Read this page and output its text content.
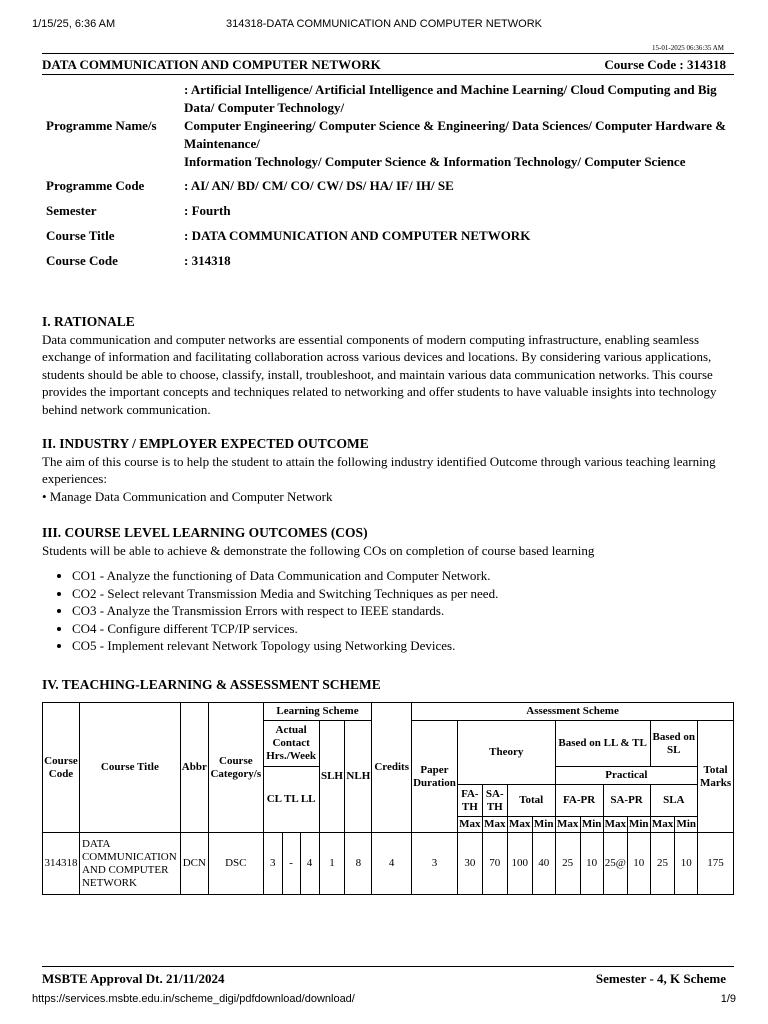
1/15/25, 6:36 AM	314318-DATA COMMUNICATION AND COMPUTER NETWORK
15-01-2025 06:36:35 AM
DATA COMMUNICATION AND COMPUTER NETWORK	Course Code : 314318
Programme Name/s	: Artificial Intelligence/ Artificial Intelligence and Machine Learning/ Cloud Computing and Big Data/ Computer Technology/
Computer Engineering/ Computer Science & Engineering/ Data Sciences/ Computer Hardware & Maintenance/
Information Technology/ Computer Science & Information Technology/ Computer Science

Programme Code	: AI/ AN/ BD/ CM/ CO/ CW/ DS/ HA/ IF/ IH/ SE
Semester	: Fourth
Course Title	: DATA COMMUNICATION AND COMPUTER NETWORK
Course Code	: 314318
I. RATIONALE

Data communication and computer networks are essential components of modern computing infrastructure, enabling seamless exchange of information and facilitating collaboration across various devices and locations. By considering various applications, students should be able to choose, classify, install, troubleshoot, and maintain various data communication networks. This course provides the important concepts and techniques related to networking and offer students to have valuable insights into technology behind network communication.

II. INDUSTRY / EMPLOYER EXPECTED OUTCOME

The aim of this course is to help the student to attain the following industry identified Outcome through various teaching learning experiences:

• Manage Data Communication and Computer Network

III. COURSE LEVEL LEARNING OUTCOMES (COS)

Students will be able to achieve & demonstrate the following COs on completion of course based learning

• CO1 - Analyze the functioning of Data Communication and Computer Network.
• CO2 - Select relevant Transmission Media and Switching Techniques as per need.
• CO3 - Analyze the Transmission Errors with respect to IEEE standards.
• CO4 - Configure different TCP/IP services.
• CO5 - Implement relevant Network Topology using Networking Devices.
IV. TEACHING-LEARNING & ASSESSMENT SCHEME
Course Code	Course Title	Abbr	Course Category/s	Learning Scheme					Credits	Assessment Scheme											
				Actual Contact Hrs./Week			SLH	NLH		Paper Duration	Theory				Based on LL & TL				Based on SL		Total Marks
				CL TL LL											Practical						
											FA-TH	SA-TH	Total		FA-PR		SA-PR		SLA		
											Max	Max	Max	Min	Max	Min	Max	Min	Max	Min	
314318	DATA COMMUNICATION AND COMPUTER NETWORK	DCN	DSC	3	-	4	1	8	4	3	30	70	100	40	25	10	25@	10	25	10	175
MSBTE Approval Dt. 21/11/2024	Semester - 4, K Scheme
https://services.msbte.edu.in/scheme_digi/pdfdownload/download/	1/9
